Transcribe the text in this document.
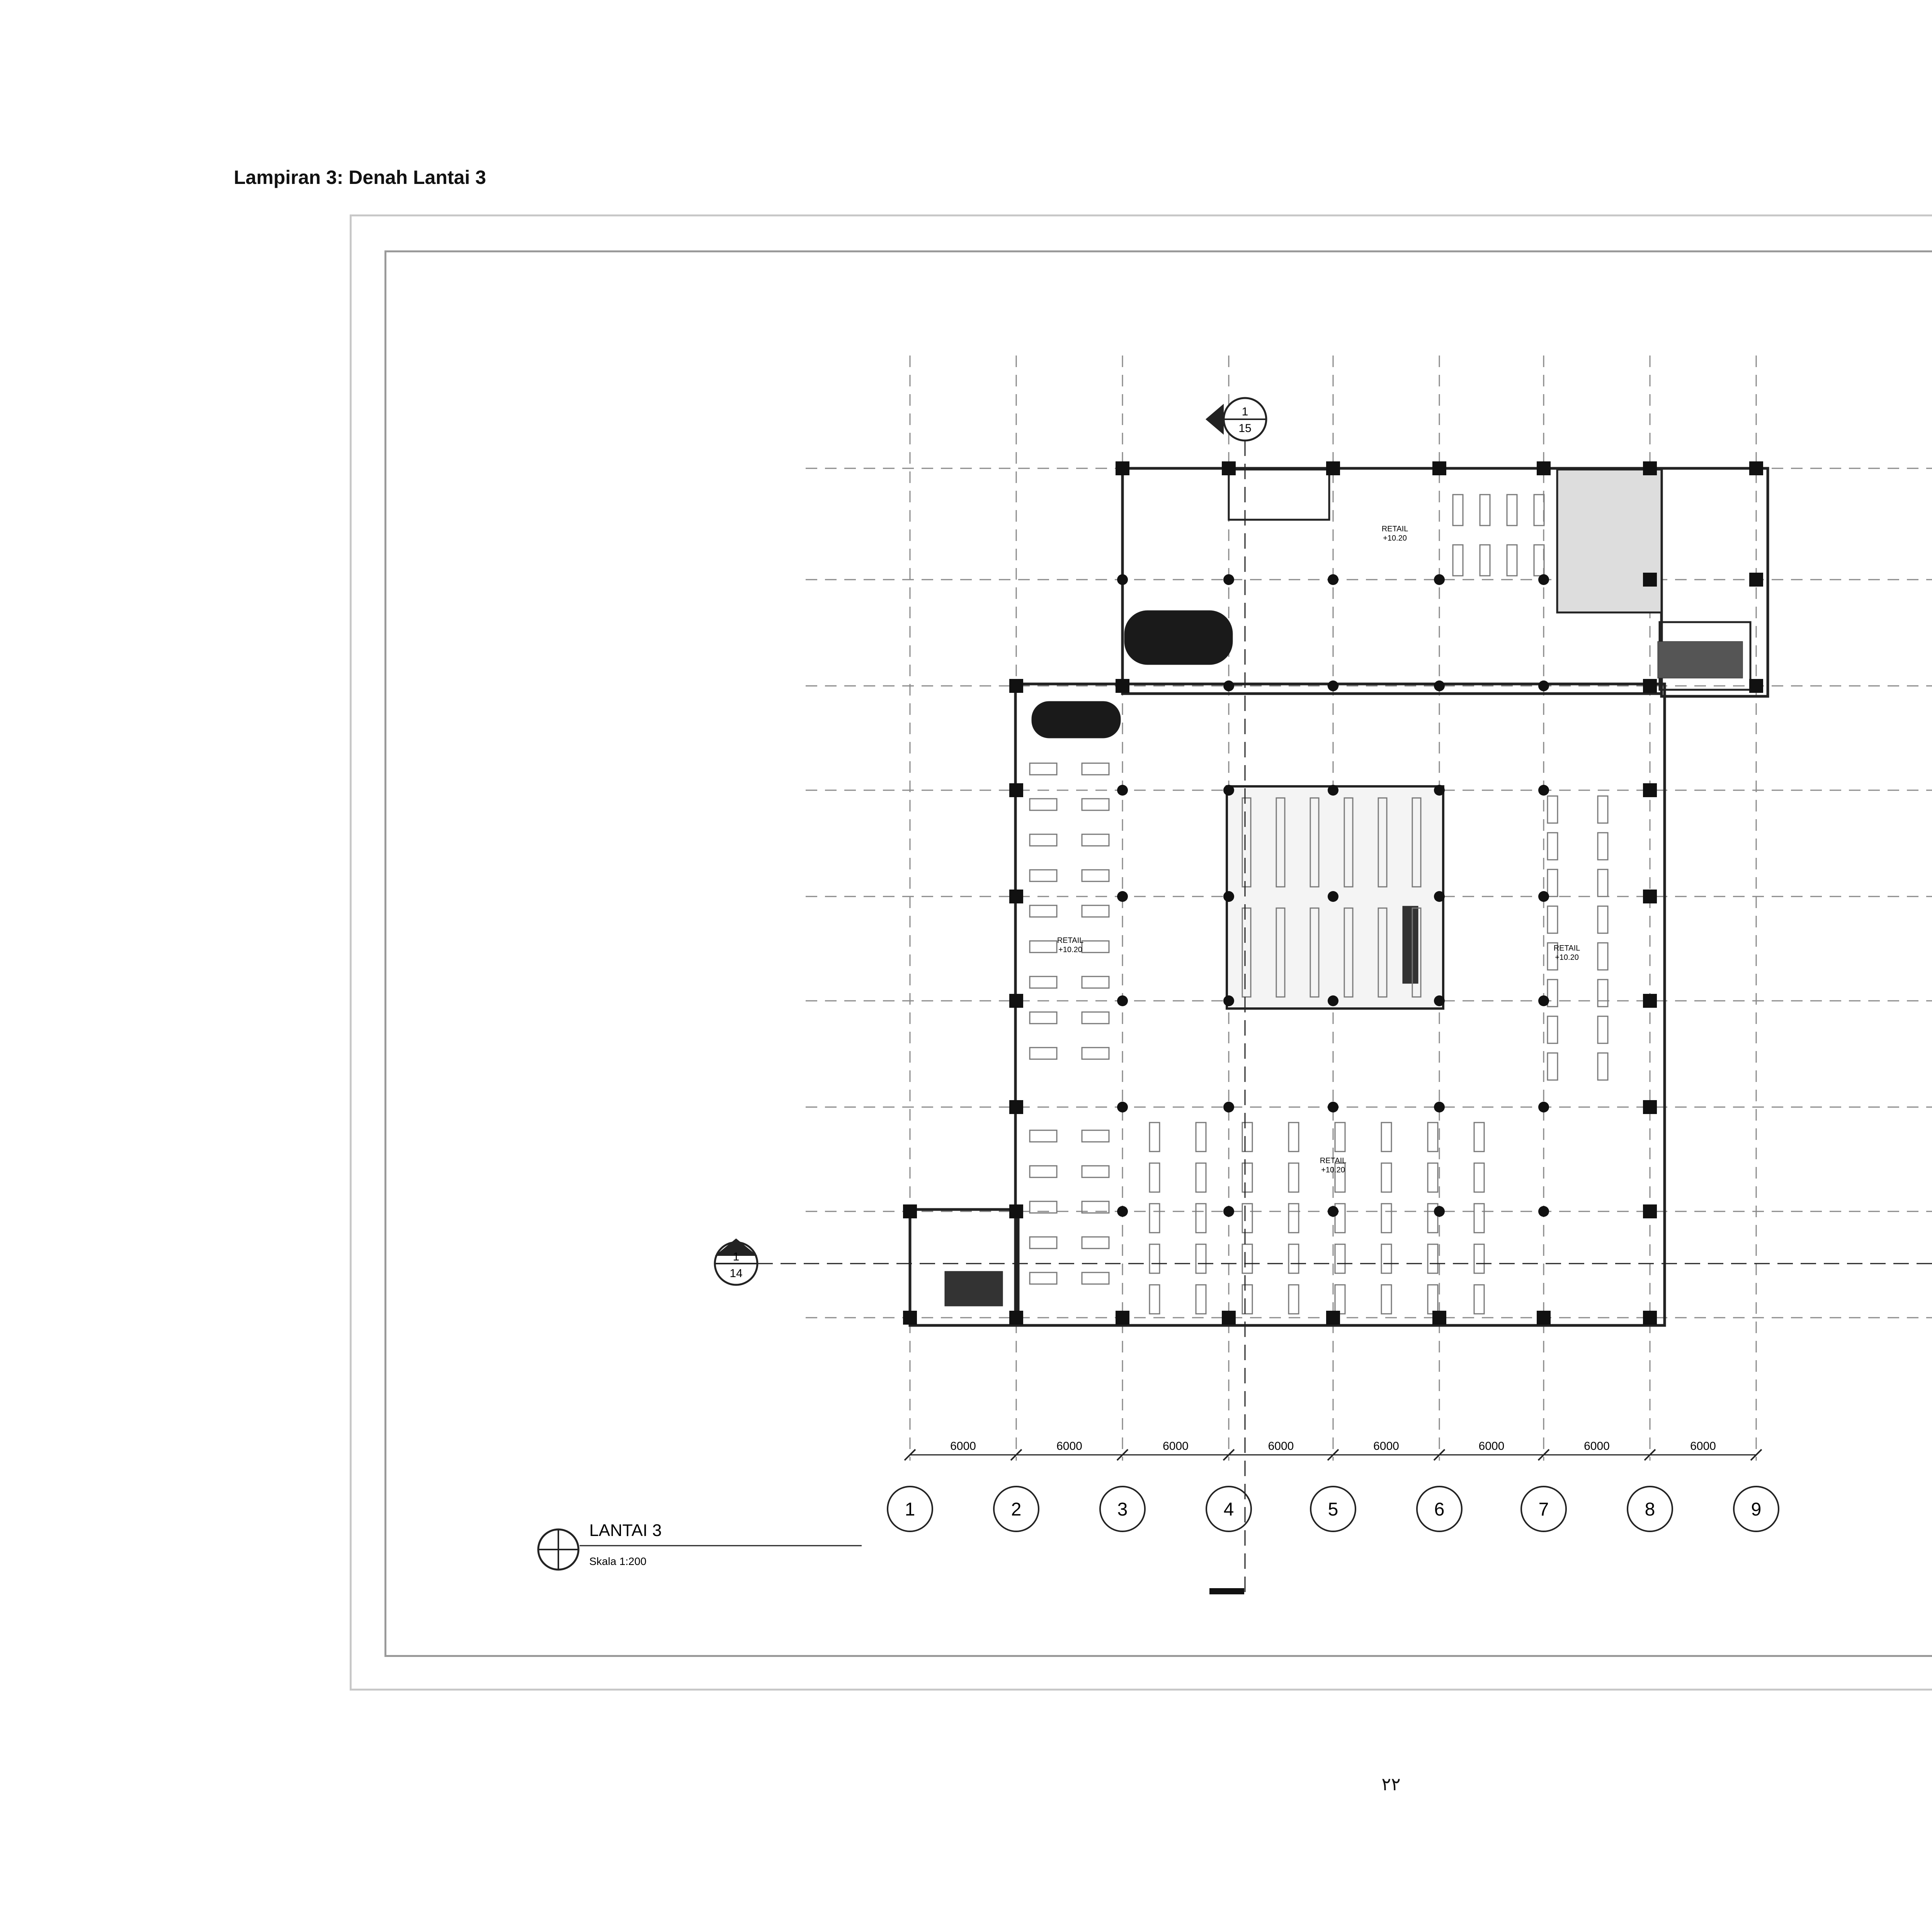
Lampiran 3: Denah Lantai 3
1	2	3	4	5	6	7	8	9
6000	6000	6000	6000	6000	6000	6000	6000
RETAIL
+10.20
RETAIL
+10.20	RETAIL
+10.20
RETAIL
+10.20
1
15
1
14
LANTAI 3
Skala 1:200
٢٢
